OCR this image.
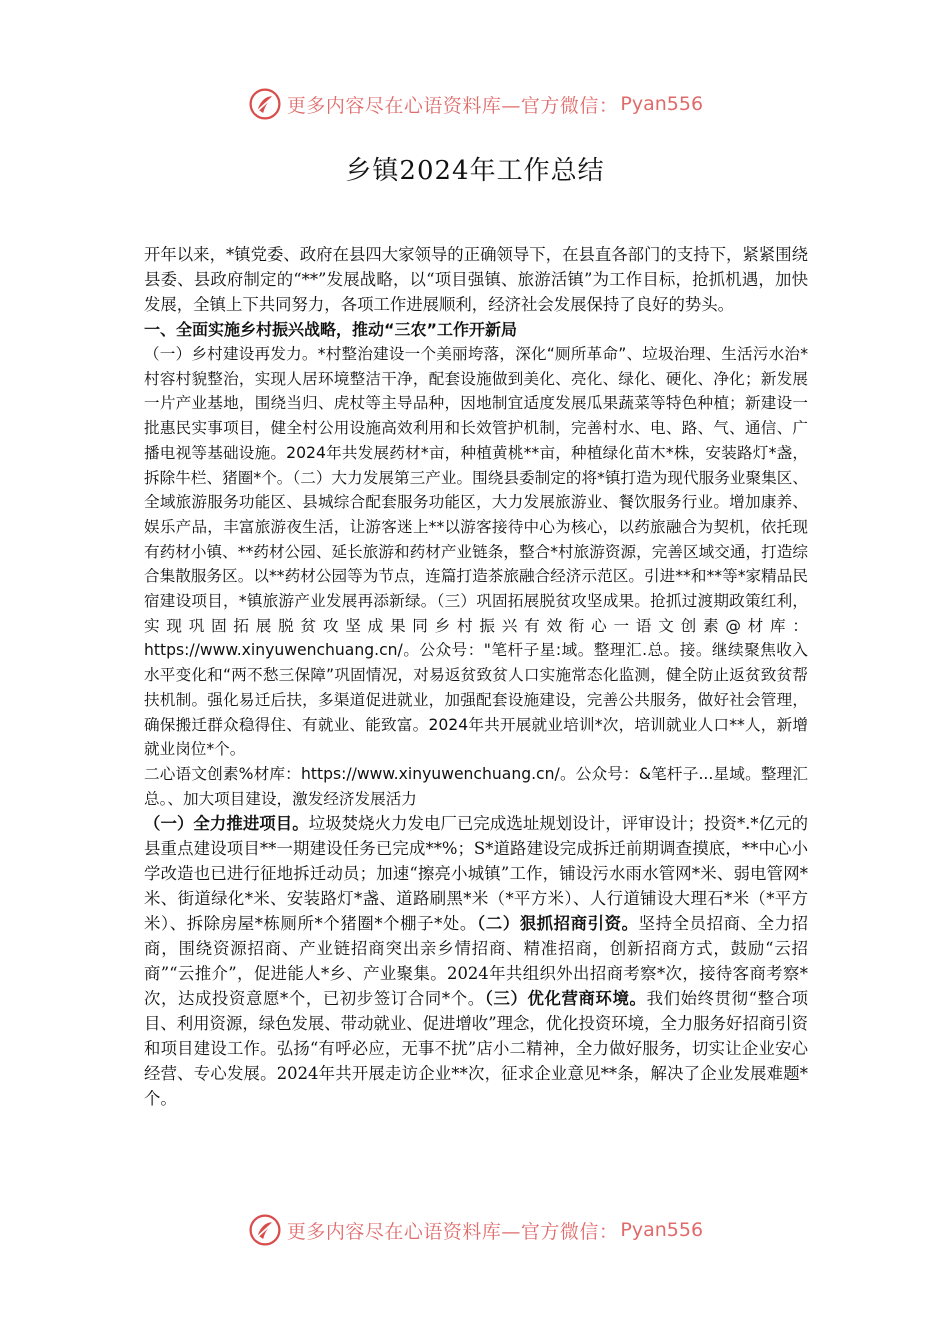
更多内容尽在心语资料库—官方微信： Pyan556
乡镇2024年工作总结

开年以来，*镇党委、政府在县四大家领导的正确领导下，在县直各部门的支持下，紧紧围绕县委、县政府制定的“**”发展战略，以“项目强镇、旅游活镇”为工作目标，抢抓机遇，加快发展，全镇上下共同努力，各项工作进展顺利，经济社会发展保持了良好的势头。

一、全面实施乡村振兴战略，推动“三农”工作开新局

（一）乡村建设再发力。*村整治建设一个美丽垮落，深化“厕所革命”、垃圾治理、生活污水治*村容村貌整治，实现人居环境整洁干净，配套设施做到美化、亮化、绿化、硬化、净化；新发展一片产业基地，围绕当归、虎杖等主导品种，因地制宜适度发展瓜果蔬菜等特色种植；新建设一批惠民实事项目，健全村公用设施高效利用和长效管护机制，完善村水、电、路、气、通信、广播电视等基础设施。2024年共发展药材*亩，种植黄桃**亩，种植绿化苗木*株，安装路灯*盏，拆除牛栏、猪圈*个。（二）大力发展第三产业。围绕县委制定的将*镇打造为现代服务业聚集区、全域旅游服务功能区、县城综合配套服务功能区，大力发展旅游业、餐饮服务行业。增加康养、娱乐产品，丰富旅游夜生活，让游客迷上**以游客接待中心为核心，以药旅融合为契机，依托现有药材小镇、**药材公园、延长旅游和药材产业链条，整合*村旅游资源，完善区域交通，打造综合集散服务区。以**药材公园等为节点，连篇打造茶旅融合经济示范区。引进**和**等*家精品民宿建设项目，*镇旅游产业发展再添新绿。（三）巩固拓展脱贫攻坚成果。抢抓过渡期政策红利，实现巩固拓展脱贫攻坚成果同乡村振兴有效衔心一语文创素@材库：https://www.xinyuwenchuang.cn/。公众号："笔杆子星:域。整理汇.总。接。继续聚焦收入水平变化和“两不愁三保障”巩固情况，对易返贫致贫人口实施常态化监测，健全防止返贫致贫帮扶机制。强化易迁后扶，多渠道促进就业，加强配套设施建设，完善公共服务，做好社会管理，确保搬迁群众稳得住、有就业、能致富。2024年共开展就业培训*次，培训就业人口**人，新增就业岗位*个。

二心语文创素%材库：https://www.xinyuwenchuang.cn/。公众号：&笔杆子...星域。整理汇总。、加大项目建设，激发经济发展活力

（一）全力推进项目。垃圾焚烧火力发电厂已完成选址规划设计，评审设计；投资*.*亿元的县重点建设项目**一期建设任务已完成**%；S*道路建设完成拆迁前期调查摸底，**中心小学改造也已进行征地拆迁动员；加速“擦亮小城镇”工作，铺设污水雨水管网*米、弱电管网*米、街道绿化*米、安装路灯*盏、道路刷黑*米（*平方米）、人行道铺设大理石*米（*平方米）、拆除房屋*栋厕所*个猪圈*个棚子*处。（二）狠抓招商引资。坚持全员招商、全力招商，围绕资源招商、产业链招商突出亲乡情招商、精准招商，创新招商方式，鼓励“云招商”“云推介”，促进能人*乡、产业聚集。2024年共组织外出招商考察*次，接待客商考察*次，达成投资意愿*个，已初步签订合同*个。（三）优化营商环境。我们始终贯彻“整合项目、利用资源，绿色发展、带动就业、促进增收”理念，优化投资环境，全力服务好招商引资和项目建设工作。弘扬“有呼必应，无事不扰”店小二精神，全力做好服务，切实让企业安心经营、专心发展。2024年共开展走访企业**次，征求企业意见**条，解决了企业发展难题*个。

更多内容尽在心语资料库—官方微信： Pyan556
